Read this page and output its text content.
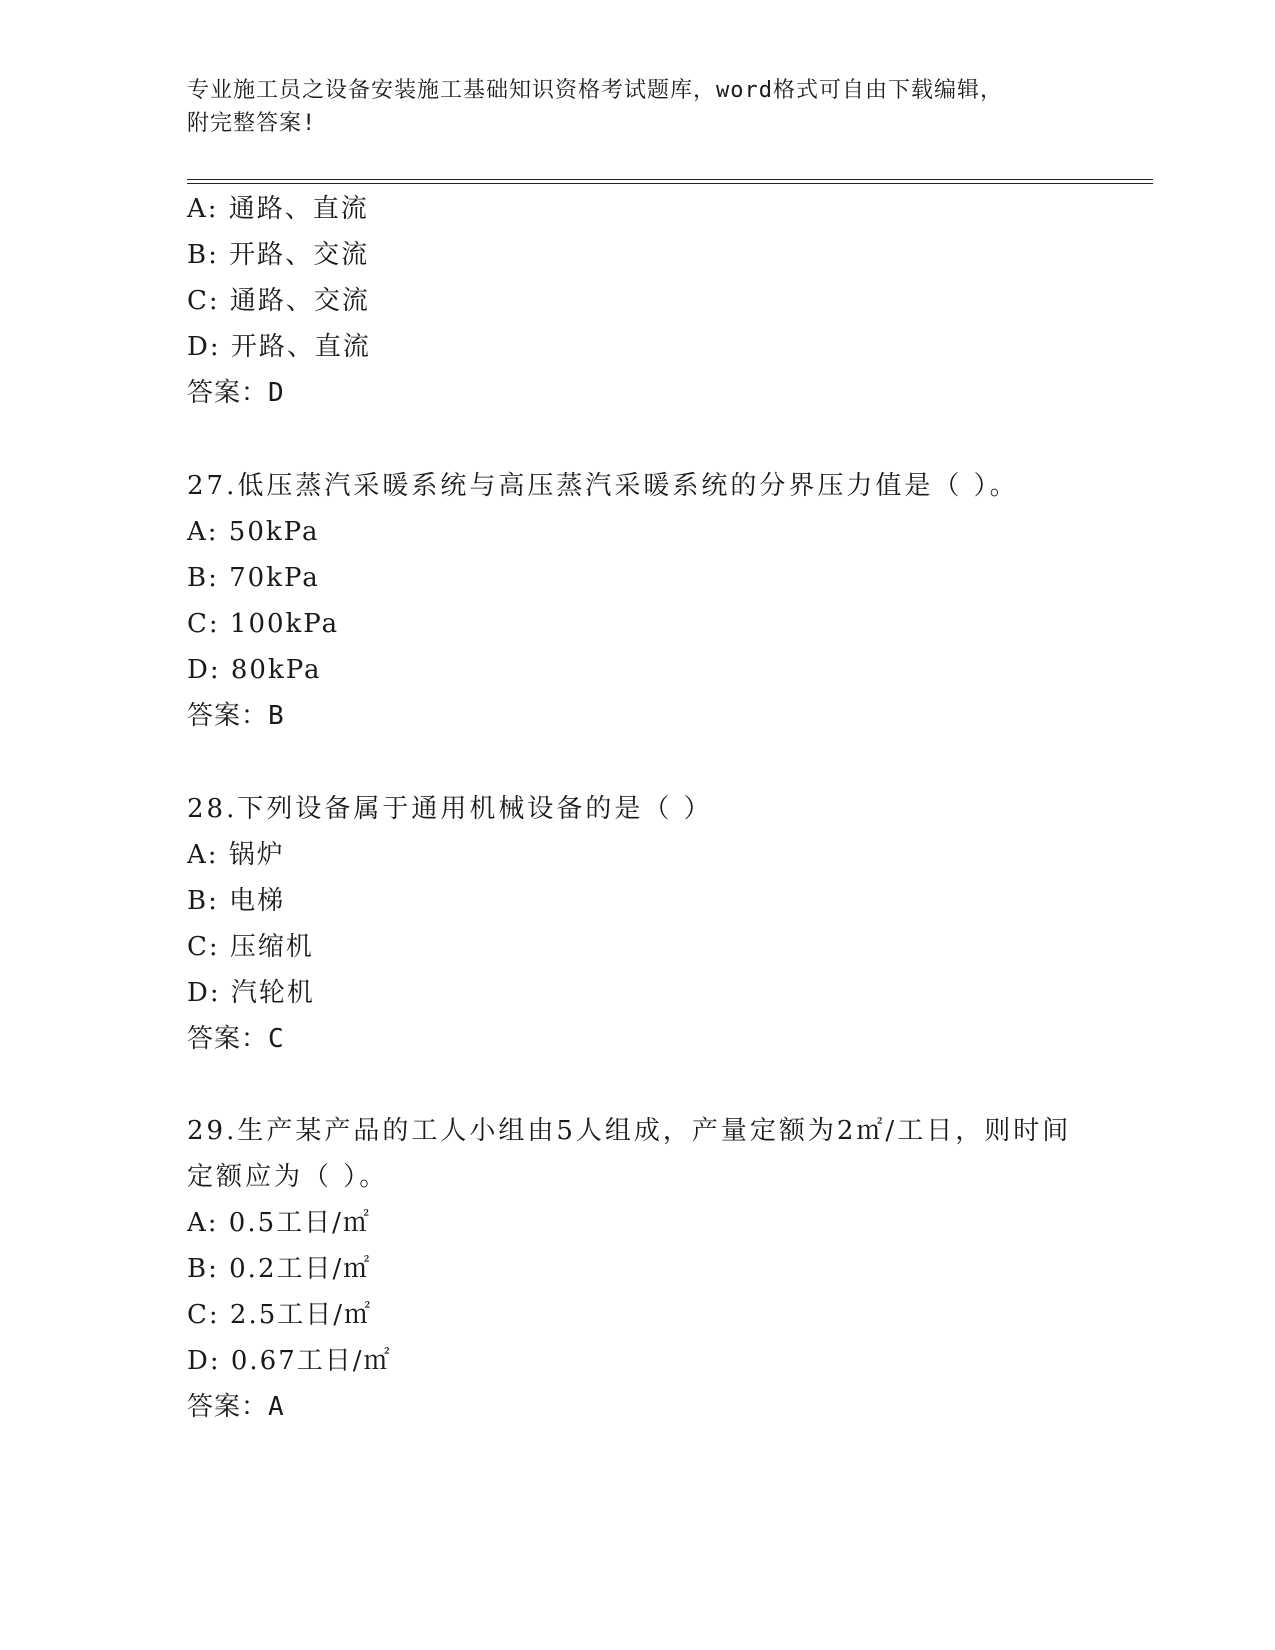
专业施工员之设备安装施工基础知识资格考试题库，word格式可自由下载编辑，
附完整答案!
A: 通路、直流
B: 开路、交流
C: 通路、交流
D: 开路、直流
答案：D
27.低压蒸汽采暖系统与高压蒸汽采暖系统的分界压力值是（ ）。
A: 50kPa
B: 70kPa
C: 100kPa
D: 80kPa
答案：B
28.下列设备属于通用机械设备的是（ ）
A: 锅炉
B: 电梯
C: 压缩机
D: 汽轮机
答案：C
29.生产某产品的工人小组由5人组成，产量定额为2㎡/工日，则时间定额应为（ ）。
A: 0.5工日/㎡
B: 0.2工日/㎡
C: 2.5工日/㎡
D: 0.67工日/㎡
答案：A
